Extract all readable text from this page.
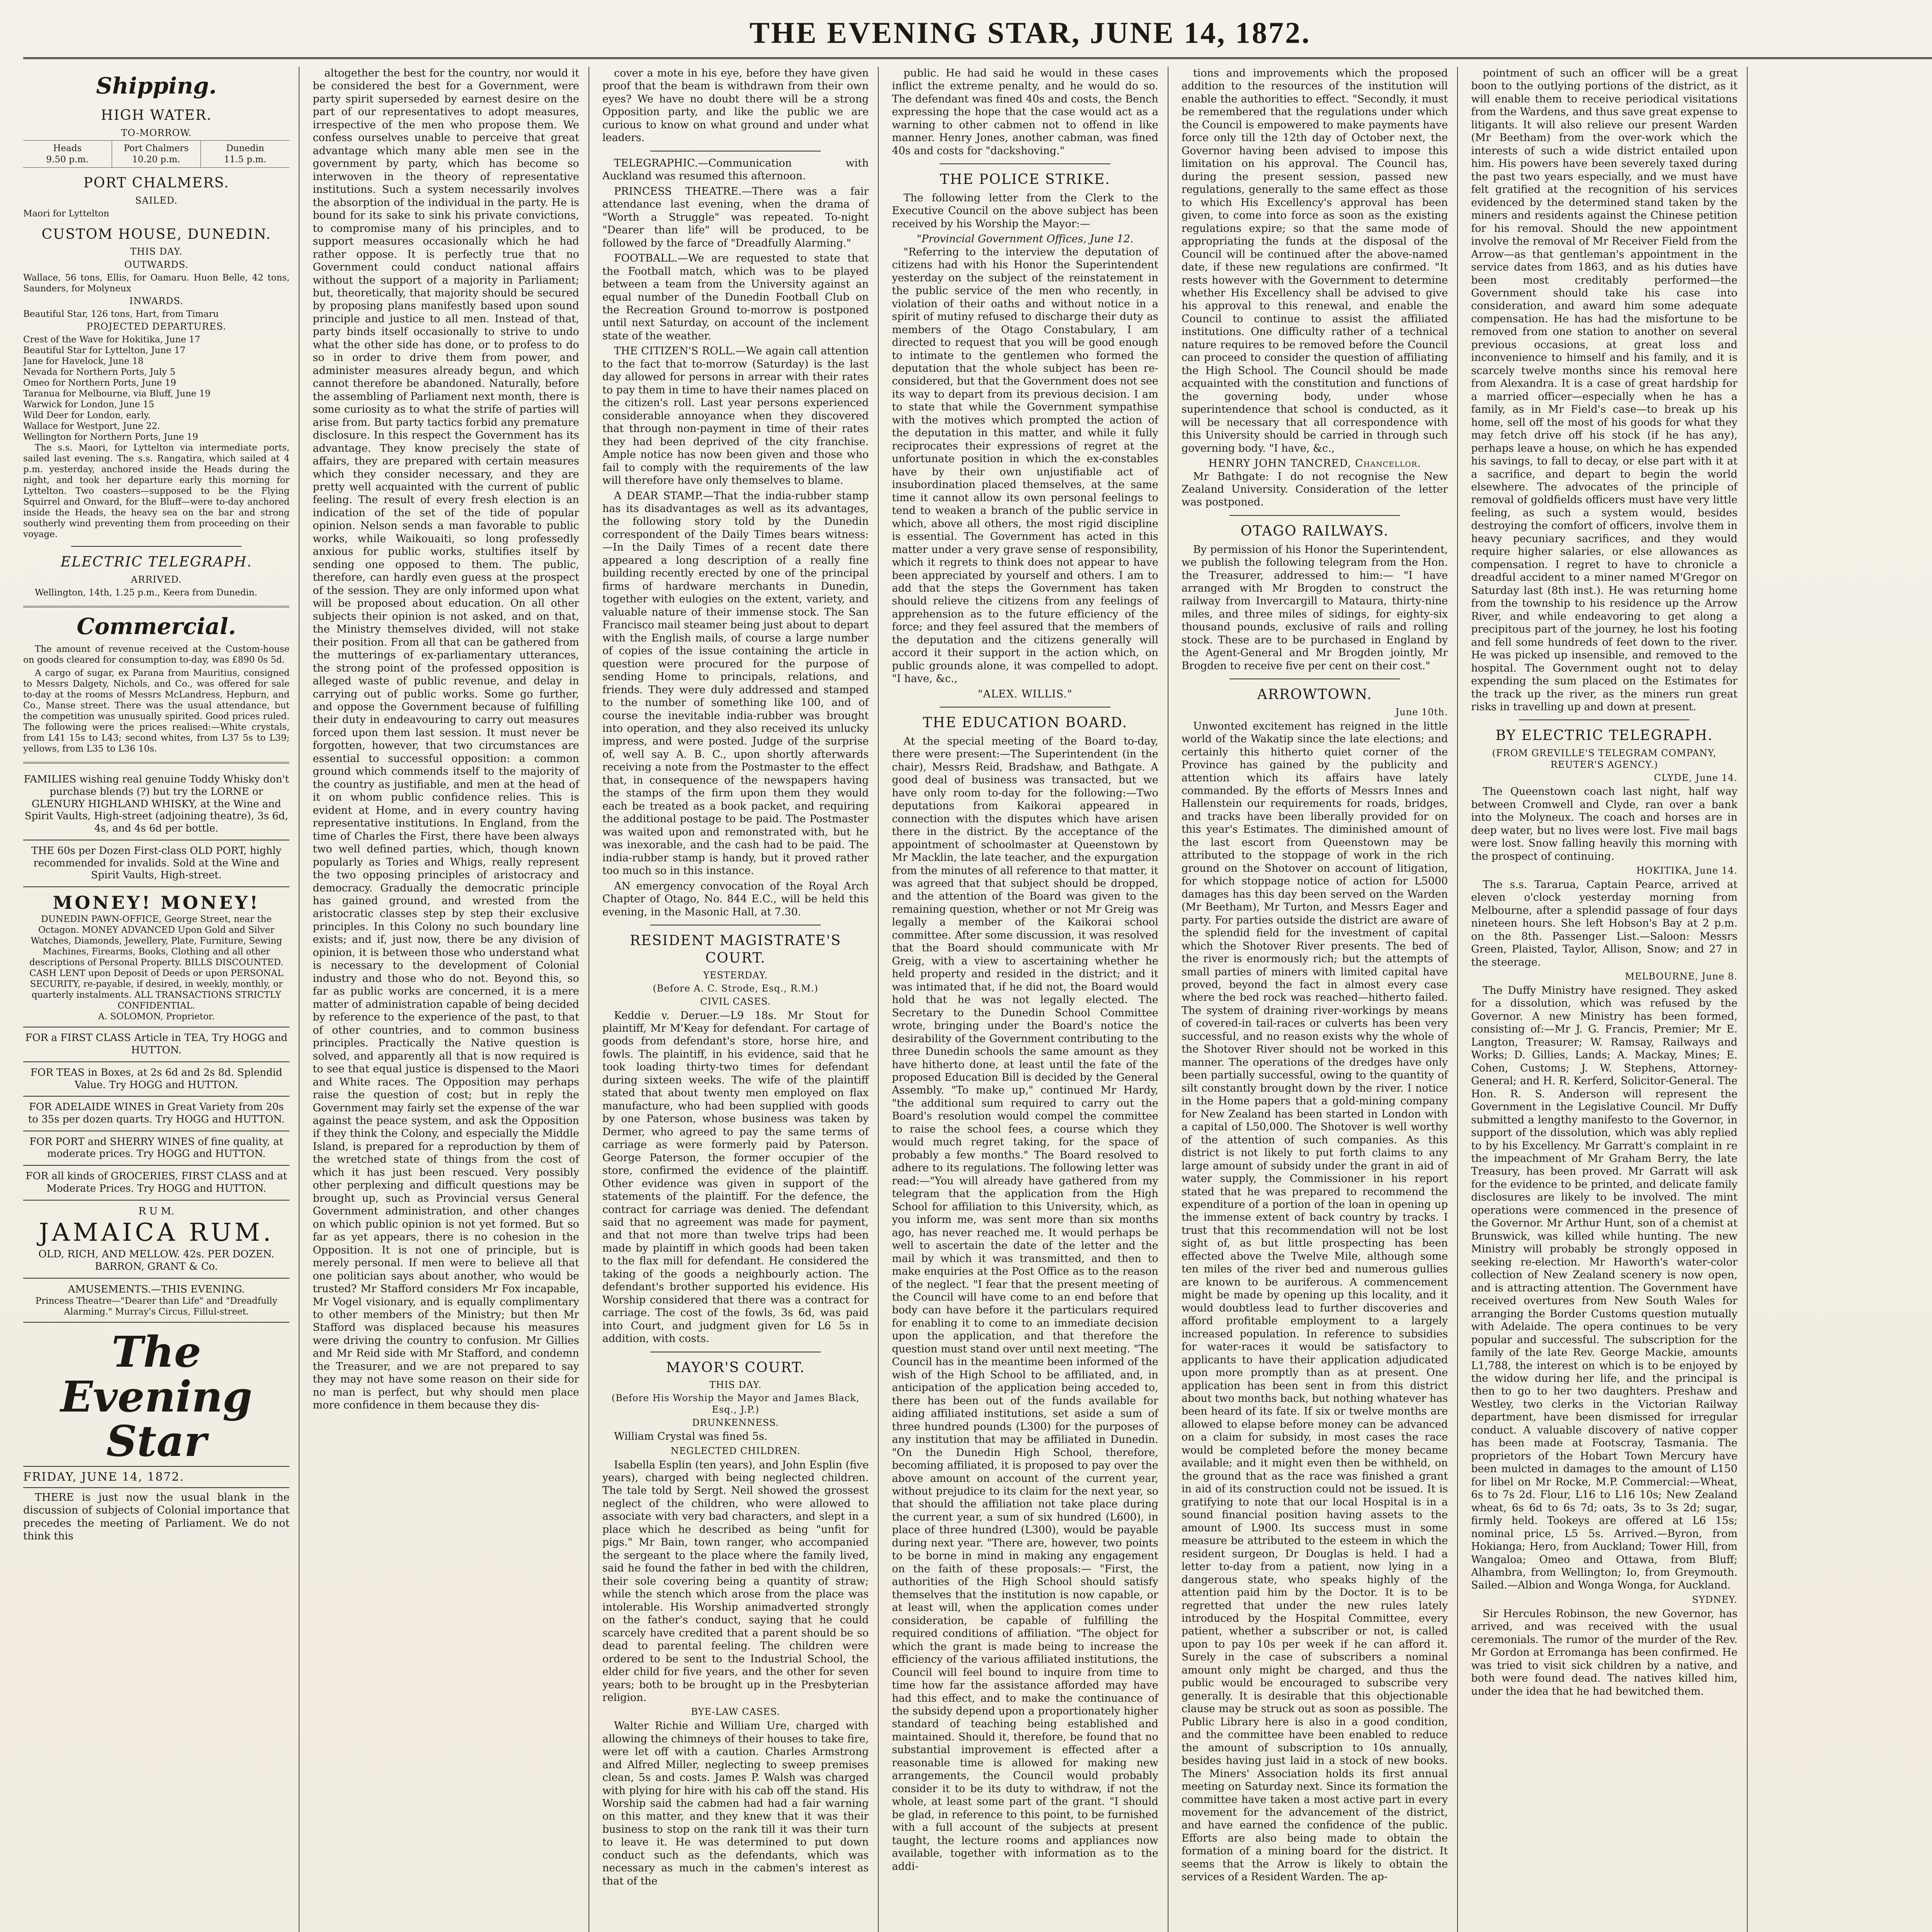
THE EVENING STAR, JUNE 14, 1872.
Shipping.
HIGH WATER.
TO-MORROW.
Heads
9.50 p.m.
Port Chalmers
10.20 p.m.
Dunedin
11.5 p.m.
PORT CHALMERS.
SAILED.
Maori for Lyttelton
CUSTOM HOUSE, DUNEDIN.
THIS DAY.
OUTWARDS.
Wallace, 56 tons, Ellis, for Oamaru. Huon Belle, 42 tons, Saunders, for Molyneux
INWARDS.
Beautiful Star, 126 tons, Hart, from Timaru
PROJECTED DEPARTURES.
Crest of the Wave for Hokitika, June 17
Beautiful Star for Lyttelton, June 17
Jane for Havelock, June 18
Nevada for Northern Ports, July 5
Omeo for Northern Ports, June 19
Taranua for Melbourne, via Bluff, June 19
Warwick for London, June 15
Wild Deer for London, early.
Wallace for Westport, June 22.
Wellington for Northern Ports, June 19

The s.s. Maori, for Lyttelton via intermediate ports, sailed last evening. The s.s. Rangatira, which sailed at 4 p.m. yesterday, anchored inside the Heads during the night, and took her departure early this morning for Lyttelton. Two coasters—supposed to be the Flying Squirrel and Onward, for the Bluff—were to-day anchored inside the Heads, the heavy sea on the bar and strong southerly wind preventing them from proceeding on their voyage.

ELECTRIC TELEGRAPH.
ARRIVED.

Wellington, 14th, 1.25 p.m., Keera from Dunedin.

Commercial.

The amount of revenue received at the Custom-house on goods cleared for consumption to-day, was £890 0s 5d.

A cargo of sugar, ex Parana from Mauritius, consigned to Messrs Dalgety, Nichols, and Co., was offered for sale to-day at the rooms of Messrs McLandress, Hepburn, and Co., Manse street. There was the usual attendance, but the competition was unusually spirited. Good prices ruled. The following were the prices realised:—White crystals, from L41 15s to L43; second whites, from L37 5s to L39; yellows, from L35 to L36 10s.

FAMILIES wishing real genuine Toddy Whisky don't purchase blends (?) but try the LORNE or GLENURY HIGHLAND WHISKY, at the Wine and Spirit Vaults, High-street (adjoining theatre), 3s 6d, 4s, and 4s 6d per bottle.
THE 60s per Dozen First-class OLD PORT, highly recommended for invalids. Sold at the Wine and Spirit Vaults, High-street.
MONEY! MONEY!
DUNEDIN PAWN-OFFICE, George Street, near the Octagon. MONEY ADVANCED Upon Gold and Silver Watches, Diamonds, Jewellery, Plate, Furniture, Sewing Machines, Firearms, Books, Clothing and all other descriptions of Personal Property. BILLS DISCOUNTED. CASH LENT upon Deposit of Deeds or upon PERSONAL SECURITY, re-payable, if desired, in weekly, monthly, or quarterly instalments. ALL TRANSACTIONS STRICTLY CONFIDENTIAL.
A. SOLOMON, Proprietor.
FOR a FIRST CLASS Article in TEA, Try HOGG and HUTTON.
FOR TEAS in Boxes, at 2s 6d and 2s 8d. Splendid Value. Try HOGG and HUTTON.
FOR ADELAIDE WINES in Great Variety from 20s to 35s per dozen quarts. Try HOGG and HUTTON.
FOR PORT and SHERRY WINES of fine quality, at moderate prices. Try HOGG and HUTTON.
FOR all kinds of GROCERIES, FIRST CLASS and at Moderate Prices. Try HOGG and HUTTON.
R U M.
JAMAICA RUM.
OLD, RICH, AND MELLOW. 42s. PER DOZEN.
BARRON, GRANT & Co.
AMUSEMENTS.—THIS EVENING.
Princess Theatre—"Dearer than Life" and "Dreadfully Alarming." Murray's Circus, Fillul-street.
The Evening Star
FRIDAY, JUNE 14, 1872.

THERE is just now the usual blank in the discussion of subjects of Colonial importance that precedes the meeting of Parliament. We do not think this

altogether the best for the country, nor would it be considered the best for a Government, were party spirit superseded by earnest desire on the part of our representatives to adopt measures, irrespective of the men who propose them. We confess ourselves unable to perceive that great advantage which many able men see in the government by party, which has become so interwoven in the theory of representative institutions. Such a system necessarily involves the absorption of the individual in the party. He is bound for its sake to sink his private convictions, to compromise many of his principles, and to support measures occasionally which he had rather oppose. It is perfectly true that no Government could conduct national affairs without the support of a majority in Parliament; but, theoretically, that majority should be secured by proposing plans manifestly based upon sound principle and justice to all men. Instead of that, party binds itself occasionally to strive to undo what the other side has done, or to profess to do so in order to drive them from power, and administer measures already begun, and which cannot therefore be abandoned. Naturally, before the assembling of Parliament next month, there is some curiosity as to what the strife of parties will arise from. But party tactics forbid any premature disclosure. In this respect the Government has its advantage. They know precisely the state of affairs, they are prepared with certain measures which they consider necessary, and they are pretty well acquainted with the current of public feeling. The result of every fresh election is an indication of the set of the tide of popular opinion. Nelson sends a man favorable to public works, while Waikouaiti, so long professedly anxious for public works, stultifies itself by sending one opposed to them. The public, therefore, can hardly even guess at the prospect of the session. They are only informed upon what will be proposed about education. On all other subjects their opinion is not asked, and on that, the Ministry themselves divided, will not stake their position. From all that can be gathered from the mutterings of ex-parliamentary utterances, the strong point of the professed opposition is alleged waste of public revenue, and delay in carrying out of public works. Some go further, and oppose the Government because of fulfilling their duty in endeavouring to carry out measures forced upon them last session. It must never be forgotten, however, that two circumstances are essential to successful opposition: a common ground which commends itself to the majority of the country as justifiable, and men at the head of it on whom public confidence relies. This is evident at Home, and in every country having representative institutions. In England, from the time of Charles the First, there have been always two well defined parties, which, though known popularly as Tories and Whigs, really represent the two opposing principles of aristocracy and democracy. Gradually the democratic principle has gained ground, and wrested from the aristocratic classes step by step their exclusive principles. In this Colony no such boundary line exists; and if, just now, there be any division of opinion, it is between those who understand what is necessary to the development of Colonial industry and those who do not. Beyond this, so far as public works are concerned, it is a mere matter of administration capable of being decided by reference to the experience of the past, to that of other countries, and to common business principles. Practically the Native question is solved, and apparently all that is now required is to see that equal justice is dispensed to the Maori and White races. The Opposition may perhaps raise the question of cost; but in reply the Government may fairly set the expense of the war against the peace system, and ask the Opposition if they think the Colony, and especially the Middle Island, is prepared for a reproduction by them of the wretched state of things from the cost of which it has just been rescued. Very possibly other perplexing and difficult questions may be brought up, such as Provincial versus General Government administration, and other changes on which public opinion is not yet formed. But so far as yet appears, there is no cohesion in the Opposition. It is not one of principle, but is merely personal. If men were to believe all that one politician says about another, who would be trusted? Mr Stafford considers Mr Fox incapable, Mr Vogel visionary, and is equally complimentary to other members of the Ministry; but then Mr Stafford was displaced because his measures were driving the country to confusion. Mr Gillies and Mr Reid side with Mr Stafford, and condemn the Treasurer, and we are not prepared to say they may not have some reason on their side for no man is perfect, but why should men place more confidence in them because they dis-

cover a mote in his eye, before they have given proof that the beam is withdrawn from their own eyes? We have no doubt there will be a strong Opposition party, and like the public we are curious to know on what ground and under what leaders.

TELEGRAPHIC.—Communication with Auckland was resumed this afternoon.

PRINCESS THEATRE.—There was a fair attendance last evening, when the drama of "Worth a Struggle" was repeated. To-night "Dearer than life" will be produced, to be followed by the farce of "Dreadfully Alarming."

FOOTBALL.—We are requested to state that the Football match, which was to be played between a team from the University against an equal number of the Dunedin Football Club on the Recreation Ground to-morrow is postponed until next Saturday, on account of the inclement state of the weather.

THE CITIZEN'S ROLL.—We again call attention to the fact that to-morrow (Saturday) is the last day allowed for persons in arrear with their rates to pay them in time to have their names placed on the citizen's roll. Last year persons experienced considerable annoyance when they discovered that through non-payment in time of their rates they had been deprived of the city franchise. Ample notice has now been given and those who fail to comply with the requirements of the law will therefore have only themselves to blame.

A DEAR STAMP.—That the india-rubber stamp has its disadvantages as well as its advantages, the following story told by the Dunedin correspondent of the Daily Times bears witness:—In the Daily Times of a recent date there appeared a long description of a really fine building recently erected by one of the principal firms of hardware merchants in Dunedin, together with eulogies on the extent, variety, and valuable nature of their immense stock. The San Francisco mail steamer being just about to depart with the English mails, of course a large number of copies of the issue containing the article in question were procured for the purpose of sending Home to principals, relations, and friends. They were duly addressed and stamped to the number of something like 100, and of course the inevitable india-rubber was brought into operation, and they also received its unlucky impress, and were posted. Judge of the surprise of, well say A. B. C., upon shortly afterwards receiving a note from the Postmaster to the effect that, in consequence of the newspapers having the stamps of the firm upon them they would each be treated as a book packet, and requiring the additional postage to be paid. The Postmaster was waited upon and remonstrated with, but he was inexorable, and the cash had to be paid. The india-rubber stamp is handy, but it proved rather too much so in this instance.

AN emergency convocation of the Royal Arch Chapter of Otago, No. 844 E.C., will be held this evening, in the Masonic Hall, at 7.30.

RESIDENT MAGISTRATE'S COURT.
YESTERDAY.
(Before A. C. Strode, Esq., R.M.)
CIVIL CASES.

Keddie v. Deruer.—L9 18s. Mr Stout for plaintiff, Mr M'Keay for defendant. For cartage of goods from defendant's store, horse hire, and fowls. The plaintiff, in his evidence, said that he took loading thirty-two times for defendant during sixteen weeks. The wife of the plaintiff stated that about twenty men employed on flax manufacture, who had been supplied with goods by one Paterson, whose business was taken by Dermer, who agreed to pay the same terms of carriage as were formerly paid by Paterson. George Paterson, the former occupier of the store, confirmed the evidence of the plaintiff. Other evidence was given in support of the statements of the plaintiff. For the defence, the contract for carriage was denied. The defendant said that no agreement was made for payment, and that not more than twelve trips had been made by plaintiff in which goods had been taken to the flax mill for defendant. He considered the taking of the goods a neighbourly action. The defendant's brother supported his evidence. His Worship considered that there was a contract for carriage. The cost of the fowls, 3s 6d, was paid into Court, and judgment given for L6 5s in addition, with costs.

MAYOR'S COURT.
THIS DAY.
(Before His Worship the Mayor and James Black, Esq., J.P.)
DRUNKENNESS.

William Crystal was fined 5s.

NEGLECTED CHILDREN.

Isabella Esplin (ten years), and John Esplin (five years), charged with being neglected children. The tale told by Sergt. Neil showed the grossest neglect of the children, who were allowed to associate with very bad characters, and slept in a place which he described as being "unfit for pigs." Mr Bain, town ranger, who accompanied the sergeant to the place where the family lived, said he found the father in bed with the children, their sole covering being a quantity of straw; while the stench which arose from the place was intolerable. His Worship animadverted strongly on the father's conduct, saying that he could scarcely have credited that a parent should be so dead to parental feeling. The children were ordered to be sent to the Industrial School, the elder child for five years, and the other for seven years; both to be brought up in the Presbyterian religion.

BYE-LAW CASES.

Walter Richie and William Ure, charged with allowing the chimneys of their houses to take fire, were let off with a caution. Charles Armstrong and Alfred Miller, neglecting to sweep premises clean, 5s and costs. James P. Walsh was charged with plying for hire with his cab off the stand. His Worship said the cabmen had had a fair warning on this matter, and they knew that it was their business to stop on the rank till it was their turn to leave it. He was determined to put down conduct such as the defendants, which was necessary as much in the cabmen's interest as that of the

public. He had said he would in these cases inflict the extreme penalty, and he would do so. The defendant was fined 40s and costs, the Bench expressing the hope that the case would act as a warning to other cabmen not to offend in like manner. Henry Jones, another cabman, was fined 40s and costs for "dackshoving."

THE POLICE STRIKE.

The following letter from the Clerk to the Executive Council on the above subject has been received by his Worship the Mayor:—

"Provincial Government Offices, June 12.

"Referring to the interview the deputation of citizens had with his Honor the Superintendent yesterday on the subject of the reinstatement in the public service of the men who recently, in violation of their oaths and without notice in a spirit of mutiny refused to discharge their duty as members of the Otago Constabulary, I am directed to request that you will be good enough to intimate to the gentlemen who formed the deputation that the whole subject has been re-considered, but that the Government does not see its way to depart from its previous decision. I am to state that while the Government sympathise with the motives which prompted the action of the deputation in this matter, and while it fully reciprocates their expressions of regret at the unfortunate position in which the ex-constables have by their own unjustifiable act of insubordination placed themselves, at the same time it cannot allow its own personal feelings to tend to weaken a branch of the public service in which, above all others, the most rigid discipline is essential. The Government has acted in this matter under a very grave sense of responsibility, which it regrets to think does not appear to have been appreciated by yourself and others. I am to add that the steps the Government has taken should relieve the citizens from any feelings of apprehension as to the future efficiency of the force; and they feel assured that the members of the deputation and the citizens generally will accord it their support in the action which, on public grounds alone, it was compelled to adopt. "I have, &c.,

"ALEX. WILLIS."
THE EDUCATION BOARD.

At the special meeting of the Board to-day, there were present:—The Superintendent (in the chair), Messrs Reid, Bradshaw, and Bathgate. A good deal of business was transacted, but we have only room to-day for the following:—Two deputations from Kaikorai appeared in connection with the disputes which have arisen there in the district. By the acceptance of the appointment of schoolmaster at Queenstown by Mr Macklin, the late teacher, and the expurgation from the minutes of all reference to that matter, it was agreed that that subject should be dropped, and the attention of the Board was given to the remaining question, whether or not Mr Greig was legally a member of the Kaikorai school committee. After some discussion, it was resolved that the Board should communicate with Mr Greig, with a view to ascertaining whether he held property and resided in the district; and it was intimated that, if he did not, the Board would hold that he was not legally elected. The Secretary to the Dunedin School Committee wrote, bringing under the Board's notice the desirability of the Government contributing to the three Dunedin schools the same amount as they have hitherto done, at least until the fate of the proposed Education Bill is decided by the General Assembly. "To make up," continued Mr Hardy, "the additional sum required to carry out the Board's resolution would compel the committee to raise the school fees, a course which they would much regret taking, for the space of probably a few months." The Board resolved to adhere to its regulations. The following letter was read:—"You will already have gathered from my telegram that the application from the High School for affiliation to this University, which, as you inform me, was sent more than six months ago, has never reached me. It would perhaps be well to ascertain the date of the letter and the mail by which it was transmitted, and then to make enquiries at the Post Office as to the reason of the neglect. "I fear that the present meeting of the Council will have come to an end before that body can have before it the particulars required for enabling it to come to an immediate decision upon the application, and that therefore the question must stand over until next meeting. "The Council has in the meantime been informed of the wish of the High School to be affiliated, and, in anticipation of the application being acceded to, there has been out of the funds available for aiding affiliated institutions, set aside a sum of three hundred pounds (L300) for the purposes of any institution that may be affiliated in Dunedin. "On the Dunedin High School, therefore, becoming affiliated, it is proposed to pay over the above amount on account of the current year, without prejudice to its claim for the next year, so that should the affiliation not take place during the current year, a sum of six hundred (L600), in place of three hundred (L300), would be payable during next year. "There are, however, two points to be borne in mind in making any engagement on the faith of these proposals:— "First, the authorities of the High School should satisfy themselves that the institution is now capable, or at least will, when the application comes under consideration, be capable of fulfilling the required conditions of affiliation. "The object for which the grant is made being to increase the efficiency of the various affiliated institutions, the Council will feel bound to inquire from time to time how far the assistance afforded may have had this effect, and to make the continuance of the subsidy depend upon a proportionately higher standard of teaching being established and maintained. Should it, therefore, be found that no substantial improvement is effected after a reasonable time is allowed for making new arrangements, the Council would probably consider it to be its duty to withdraw, if not the whole, at least some part of the grant. "I should be glad, in reference to this point, to be furnished with a full account of the subjects at present taught, the lecture rooms and appliances now available, together with information as to the addi-

tions and improvements which the proposed addition to the resources of the institution will enable the authorities to effect. "Secondly, it must be remembered that the regulations under which the Council is empowered to make payments have force only till the 12th day of October next, the Governor having been advised to impose this limitation on his approval. The Council has, during the present session, passed new regulations, generally to the same effect as those to which His Excellency's approval has been given, to come into force as soon as the existing regulations expire; so that the same mode of appropriating the funds at the disposal of the Council will be continued after the above-named date, if these new regulations are confirmed. "It rests however with the Government to determine whether His Excellency shall be advised to give his approval to this renewal, and enable the Council to continue to assist the affiliated institutions. One difficulty rather of a technical nature requires to be removed before the Council can proceed to consider the question of affiliating the High School. The Council should be made acquainted with the constitution and functions of the governing body, under whose superintendence that school is conducted, as it will be necessary that all correspondence with this University should be carried in through such governing body. "I have, &c.,

HENRY JOHN TANCRED, Chancellor.

Mr Bathgate: I do not recognise the New Zealand University. Consideration of the letter was postponed.

OTAGO RAILWAYS.

By permission of his Honor the Superintendent, we publish the following telegram from the Hon. the Treasurer, addressed to him:— "I have arranged with Mr Brogden to construct the railway from Invercargill to Mataura, thirty-nine miles, and three miles of sidings, for eighty-six thousand pounds, exclusive of rails and rolling stock. These are to be purchased in England by the Agent-General and Mr Brogden jointly, Mr Brogden to receive five per cent on their cost."

ARROWTOWN.
June 10th.

Unwonted excitement has reigned in the little world of the Wakatip since the late elections; and certainly this hitherto quiet corner of the Province has gained by the publicity and attention which its affairs have lately commanded. By the efforts of Messrs Innes and Hallenstein our requirements for roads, bridges, and tracks have been liberally provided for on this year's Estimates. The diminished amount of the last escort from Queenstown may be attributed to the stoppage of work in the rich ground on the Shotover on account of litigation, for which stoppage notice of action for L5000 damages has this day been served on the Warden (Mr Beetham), Mr Turton, and Messrs Eager and party. For parties outside the district are aware of the splendid field for the investment of capital which the Shotover River presents. The bed of the river is enormously rich; but the attempts of small parties of miners with limited capital have proved, beyond the fact in almost every case where the bed rock was reached—hitherto failed. The system of draining river-workings by means of covered-in tail-races or culverts has been very successful, and no reason exists why the whole of the Shotover River should not be worked in this manner. The operations of the dredges have only been partially successful, owing to the quantity of silt constantly brought down by the river. I notice in the Home papers that a gold-mining company for New Zealand has been started in London with a capital of L50,000. The Shotover is well worthy of the attention of such companies. As this district is not likely to put forth claims to any large amount of subsidy under the grant in aid of water supply, the Commissioner in his report stated that he was prepared to recommend the expenditure of a portion of the loan in opening up the immense extent of back country by tracks. I trust that this recommendation will not be lost sight of, as but little prospecting has been effected above the Twelve Mile, although some ten miles of the river bed and numerous gullies are known to be auriferous. A commencement might be made by opening up this locality, and it would doubtless lead to further discoveries and afford profitable employment to a largely increased population. In reference to subsidies for water-races it would be satisfactory to applicants to have their application adjudicated upon more promptly than as at present. One application has been sent in from this district about two months back, but nothing whatever has been heard of its fate. If six or twelve months are allowed to elapse before money can be advanced on a claim for subsidy, in most cases the race would be completed before the money became available; and it might even then be withheld, on the ground that as the race was finished a grant in aid of its construction could not be issued. It is gratifying to note that our local Hospital is in a sound financial position having assets to the amount of L900. Its success must in some measure be attributed to the esteem in which the resident surgeon, Dr Douglas is held. I had a letter to-day from a patient, now lying in a dangerous state, who speaks highly of the attention paid him by the Doctor. It is to be regretted that under the new rules lately introduced by the Hospital Committee, every patient, whether a subscriber or not, is called upon to pay 10s per week if he can afford it. Surely in the case of subscribers a nominal amount only might be charged, and thus the public would be encouraged to subscribe very generally. It is desirable that this objectionable clause may be struck out as soon as possible. The Public Library here is also in a good condition, and the committee have been enabled to reduce the amount of subscription to 10s annually, besides having just laid in a stock of new books. The Miners' Association holds its first annual meeting on Saturday next. Since its formation the committee have taken a most active part in every movement for the advancement of the district, and have earned the confidence of the public. Efforts are also being made to obtain the formation of a mining board for the district. It seems that the Arrow is likely to obtain the services of a Resident Warden. The ap-

pointment of such an officer will be a great boon to the outlying portions of the district, as it will enable them to receive periodical visitations from the Wardens, and thus save great expense to litigants. It will also relieve our present Warden (Mr Beetham) from the over-work which the interests of such a wide district entailed upon him. His powers have been severely taxed during the past two years especially, and we must have felt gratified at the recognition of his services evidenced by the determined stand taken by the miners and residents against the Chinese petition for his removal. Should the new appointment involve the removal of Mr Receiver Field from the Arrow—as that gentleman's appointment in the service dates from 1863, and as his duties have been most creditably performed—the Government should take his case into consideration, and award him some adequate compensation. He has had the misfortune to be removed from one station to another on several previous occasions, at great loss and inconvenience to himself and his family, and it is scarcely twelve months since his removal here from Alexandra. It is a case of great hardship for a married officer—especially when he has a family, as in Mr Field's case—to break up his home, sell off the most of his goods for what they may fetch drive off his stock (if he has any), perhaps leave a house, on which he has expended his savings, to fall to decay, or else part with it at a sacrifice, and depart to begin the world elsewhere. The advocates of the principle of removal of goldfields officers must have very little feeling, as such a system would, besides destroying the comfort of officers, involve them in heavy pecuniary sacrifices, and they would require higher salaries, or else allowances as compensation. I regret to have to chronicle a dreadful accident to a miner named M'Gregor on Saturday last (8th inst.). He was returning home from the township to his residence up the Arrow River, and while endeavoring to get along a precipitous part of the journey, he lost his footing and fell some hundreds of feet down to the river. He was picked up insensible, and removed to the hospital. The Government ought not to delay expending the sum placed on the Estimates for the track up the river, as the miners run great risks in travelling up and down at present.

BY ELECTRIC TELEGRAPH.
(FROM GREVILLE'S TELEGRAM COMPANY, REUTER'S AGENCY.)
CLYDE, June 14.

The Queenstown coach last night, half way between Cromwell and Clyde, ran over a bank into the Molyneux. The coach and horses are in deep water, but no lives were lost. Five mail bags were lost. Snow falling heavily this morning with the prospect of continuing.

HOKITIKA, June 14.

The s.s. Tararua, Captain Pearce, arrived at eleven o'clock yesterday morning from Melbourne, after a splendid passage of four days nineteen hours. She left Hobson's Bay at 2 p.m. on the 8th. Passenger List.—Saloon: Messrs Green, Plaisted, Taylor, Allison, Snow; and 27 in the steerage.

MELBOURNE, June 8.

The Duffy Ministry have resigned. They asked for a dissolution, which was refused by the Governor. A new Ministry has been formed, consisting of:—Mr J. G. Francis, Premier; Mr E. Langton, Treasurer; W. Ramsay, Railways and Works; D. Gillies, Lands; A. Mackay, Mines; E. Cohen, Customs; J. W. Stephens, Attorney-General; and H. R. Kerferd, Solicitor-General. The Hon. R. S. Anderson will represent the Government in the Legislative Council. Mr Duffy submitted a lengthy manifesto to the Governor, in support of the dissolution, which was ably replied to by his Excellency. Mr Garratt's complaint in re the impeachment of Mr Graham Berry, the late Treasury, has been proved. Mr Garratt will ask for the evidence to be printed, and delicate family disclosures are likely to be involved. The mint operations were commenced in the presence of the Governor. Mr Arthur Hunt, son of a chemist at Brunswick, was killed while hunting. The new Ministry will probably be strongly opposed in seeking re-election. Mr Haworth's water-color collection of New Zealand scenery is now open, and is attracting attention. The Government have received overtures from New South Wales for arranging the Border Customs question mutually with Adelaide. The opera continues to be very popular and successful. The subscription for the family of the late Rev. George Mackie, amounts L1,788, the interest on which is to be enjoyed by the widow during her life, and the principal is then to go to her two daughters. Preshaw and Westley, two clerks in the Victorian Railway department, have been dismissed for irregular conduct. A valuable discovery of native copper has been made at Footscray, Tasmania. The proprietors of the Hobart Town Mercury have been mulcted in damages to the amount of L150 for libel on Mr Rocke, M.P. Commercial:—Wheat, 6s to 7s 2d. Flour, L16 to L16 10s; New Zealand wheat, 6s 6d to 6s 7d; oats, 3s to 3s 2d; sugar, firmly held. Tookeys are offered at L6 15s; nominal price, L5 5s. Arrived.—Byron, from Hokianga; Hero, from Auckland; Tower Hill, from Wangaloa; Omeo and Ottawa, from Bluff; Alhambra, from Wellington; Io, from Greymouth. Sailed.—Albion and Wonga Wonga, for Auckland.

SYDNEY.

Sir Hercules Robinson, the new Governor, has arrived, and was received with the usual ceremonials. The rumor of the murder of the Rev. Mr Gordon at Erromanga has been confirmed. He was tried to visit sick children by a native, and both were found dead. The natives killed him, under the idea that he had bewitched them.
